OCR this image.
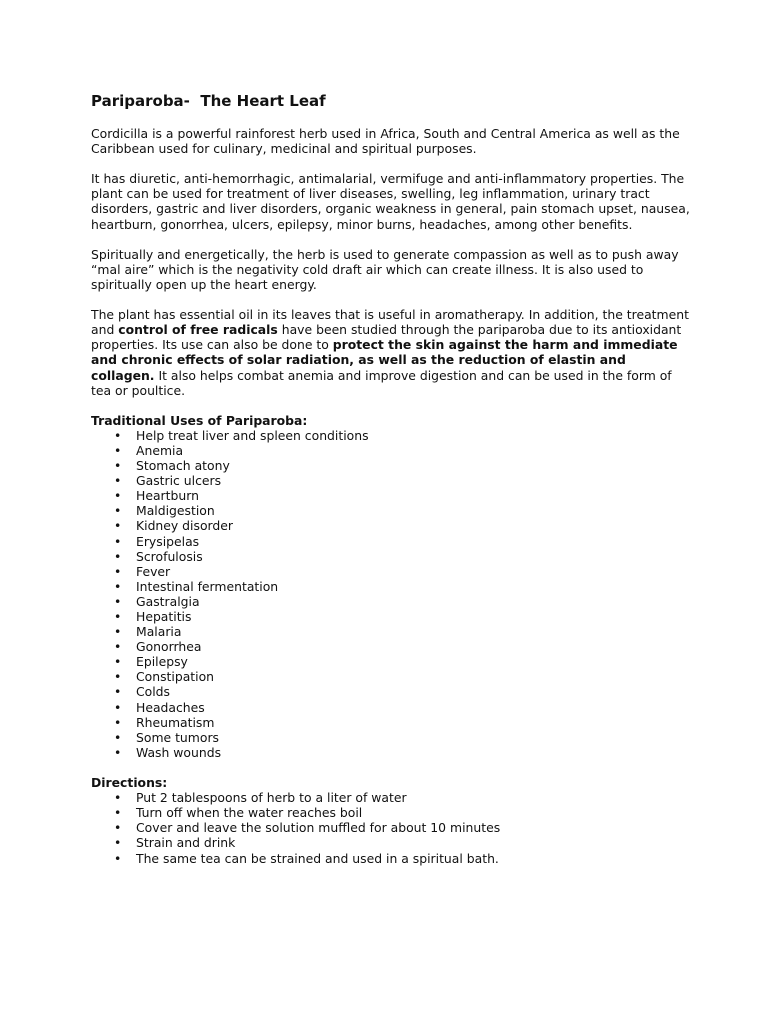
Pariparoba-  The Heart Leaf

Cordicilla is a powerful rainforest herb used in Africa, South and Central America as well as the Caribbean used for culinary, medicinal and spiritual purposes.

It has diuretic, anti-hemorrhagic, antimalarial, vermifuge and anti-inflammatory properties. The plant can be used for treatment of liver diseases, swelling, leg inflammation, urinary tract disorders, gastric and liver disorders, organic weakness in general, pain stomach upset, nausea, heartburn, gonorrhea, ulcers, epilepsy, minor burns, headaches, among other benefits.

Spiritually and energetically, the herb is used to generate compassion as well as to push away “mal aire” which is the negativity cold draft air which can create illness. It is also used to spiritually open up the heart energy.

The plant has essential oil in its leaves that is useful in aromatherapy. In addition, the treatment and control of free radicals have been studied through the pariparoba due to its antioxidant properties. Its use can also be done to protect the skin against the harm and immediate and chronic effects of solar radiation, as well as the reduction of elastin and collagen. It also helps combat anemia and improve digestion and can be used in the form of tea or poultice.

Traditional Uses of Pariparoba:
• Help treat liver and spleen conditions
• Anemia
• Stomach atony
• Gastric ulcers
• Heartburn
• Maldigestion
• Kidney disorder
• Erysipelas
• Scrofulosis
• Fever
• Intestinal fermentation
• Gastralgia
• Hepatitis
• Malaria
• Gonorrhea
• Epilepsy
• Constipation
• Colds
• Headaches
• Rheumatism
• Some tumors
• Wash wounds
Directions:
• Put 2 tablespoons of herb to a liter of water
• Turn off when the water reaches boil
• Cover and leave the solution muffled for about 10 minutes
• Strain and drink
• The same tea can be strained and used in a spiritual bath.
